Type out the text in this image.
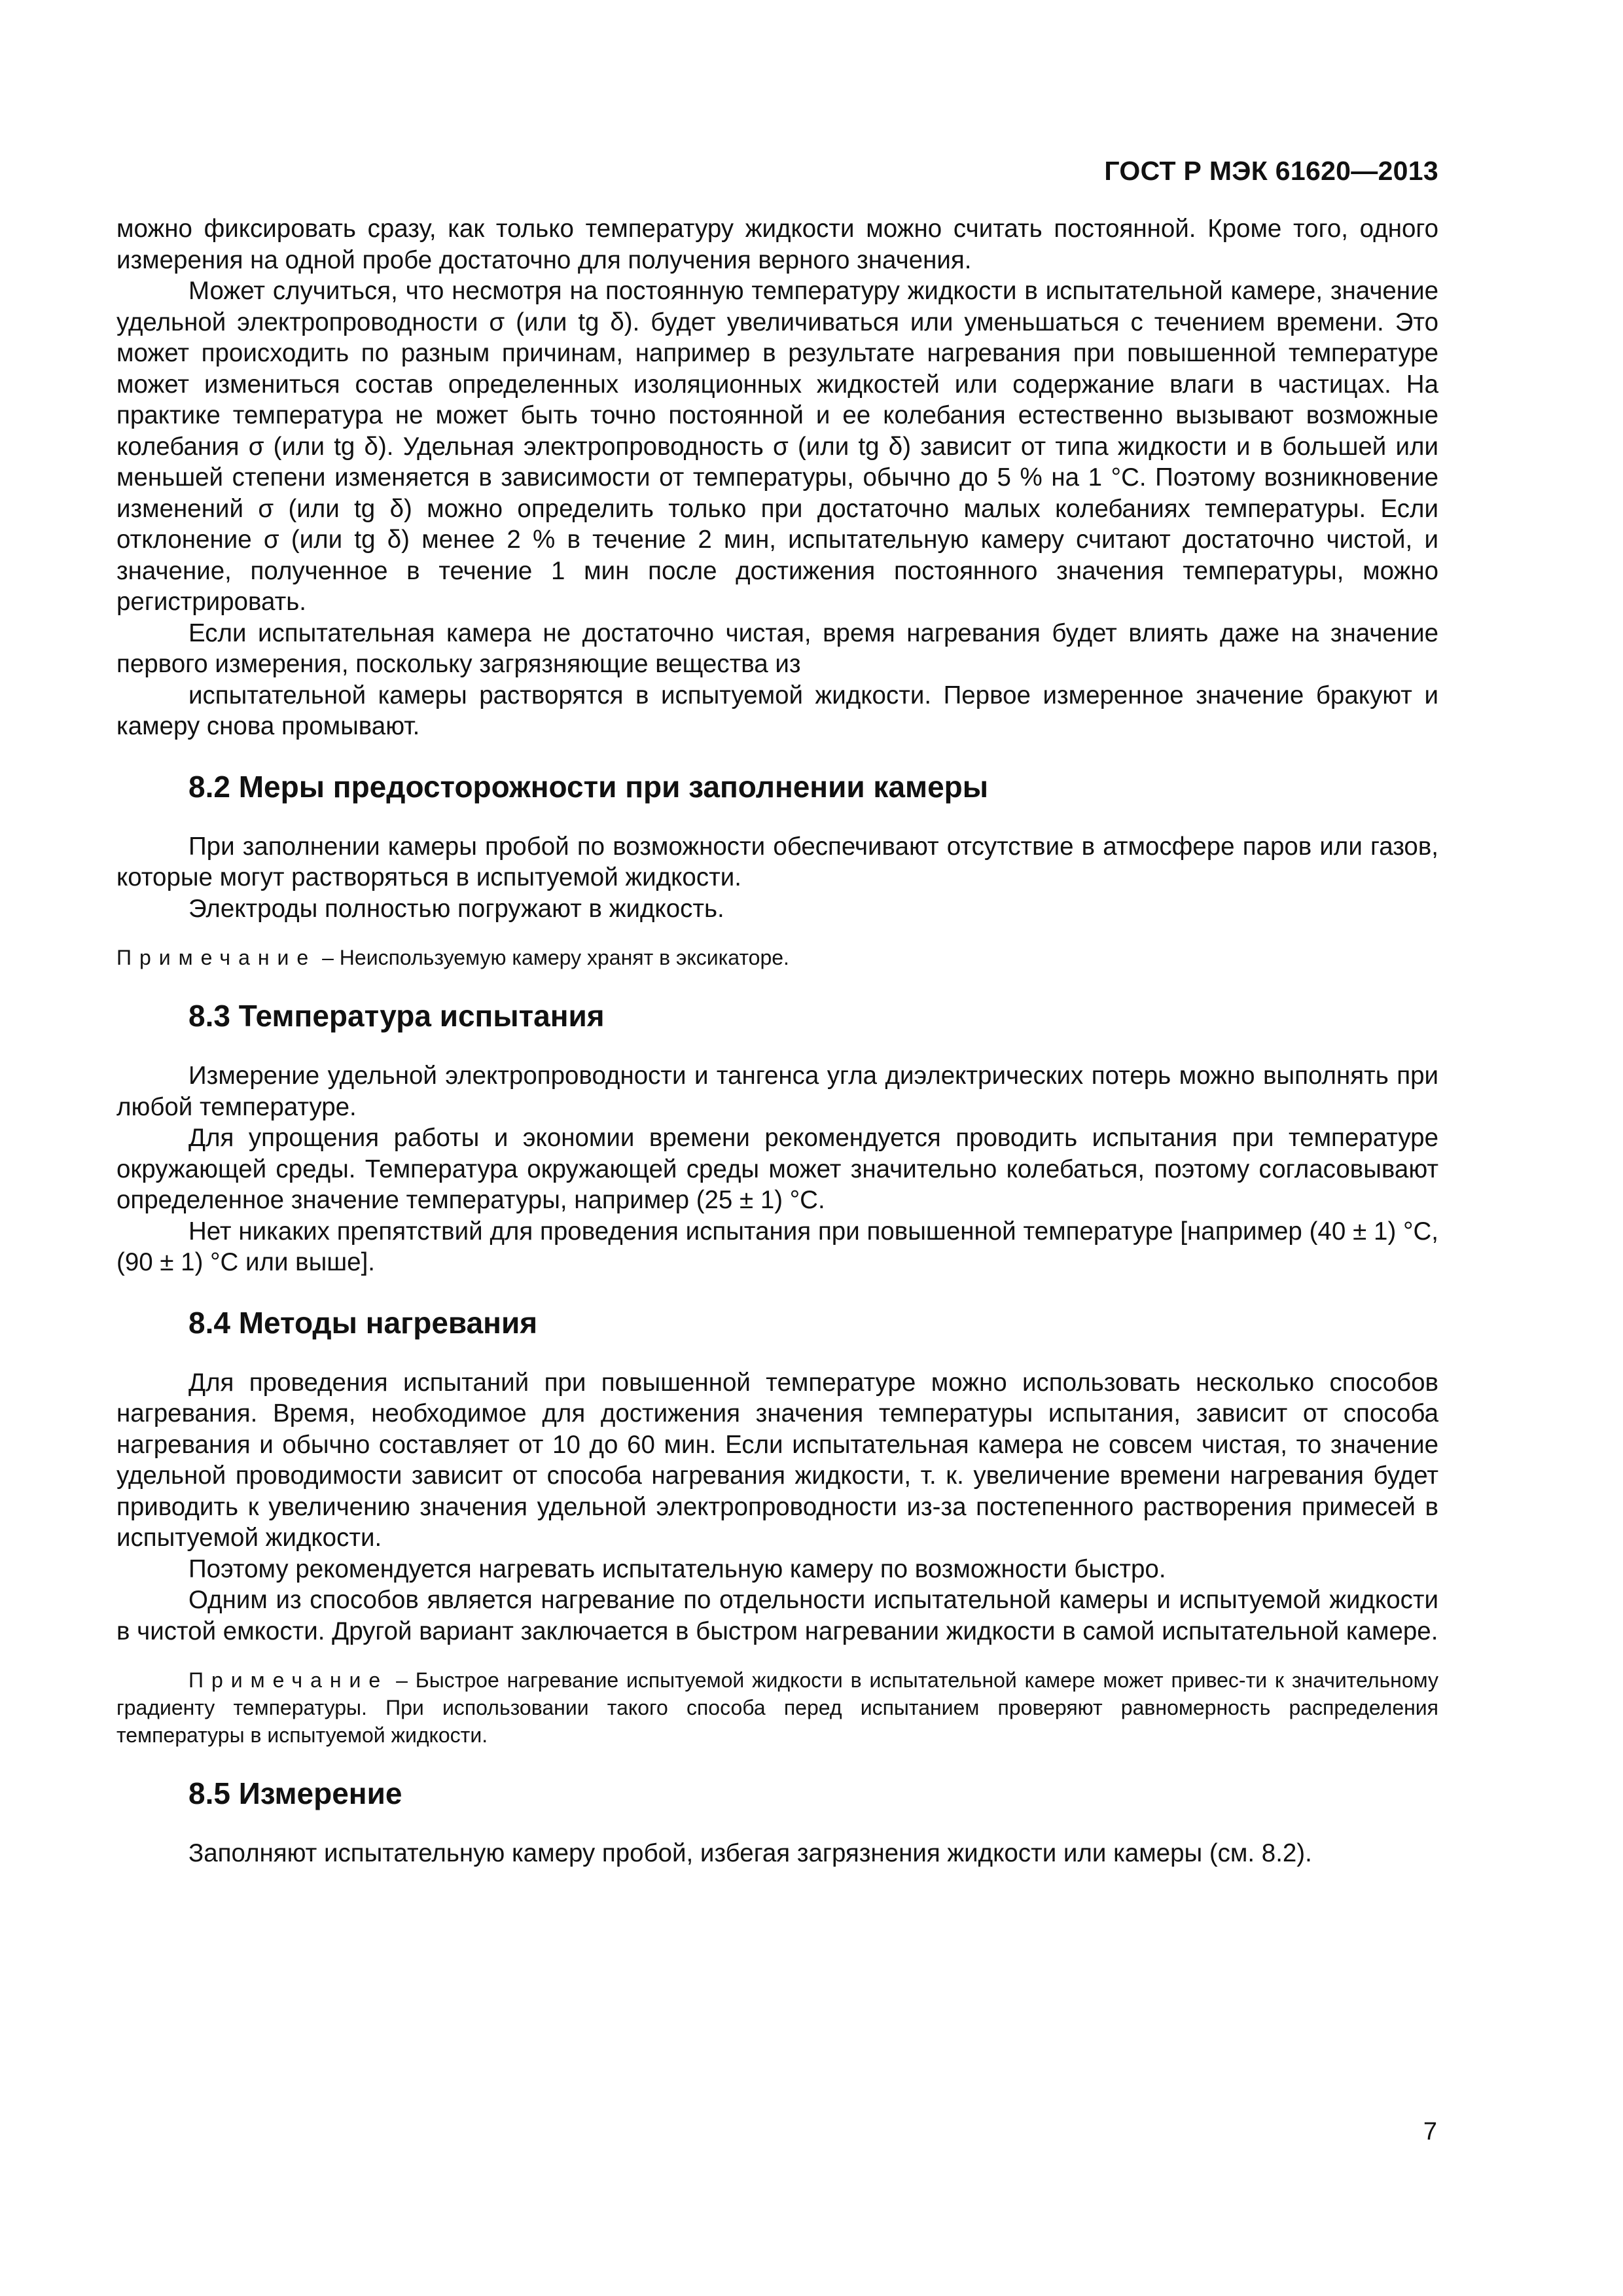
ГОСТ Р МЭК 61620—2013

можно фиксировать сразу, как только температуру жидкости можно считать постоянной. Кроме того, одного измерения на одной пробе достаточно для получения верного значения.

Может случиться, что несмотря на постоянную температуру жидкости в испытательной камере, значение удельной электропроводности σ (или tg δ). будет увеличиваться или уменьшаться с течением времени. Это может происходить по разным причинам, например в результате нагревания при повышенной температуре может измениться состав определенных изоляционных жидкостей или содержание влаги в частицах. На практике температура не может быть точно постоянной и ее колебания естественно вызывают возможные колебания σ (или tg δ). Удельная электропроводность σ (или tg δ) зависит от типа жидкости и в большей или меньшей степени изменяется в зависимости от температуры, обычно до 5 % на 1 °С. Поэтому возникновение изменений σ (или tg δ) можно определить только при достаточно малых колебаниях температуры. Если отклонение σ (или tg δ) менее 2 % в течение 2 мин, испытательную камеру считают достаточно чистой, и значение, полученное в течение 1 мин после достижения постоянного значения температуры, можно регистрировать.

Если испытательная камера не достаточно чистая, время нагревания будет влиять даже на значение первого измерения, поскольку загрязняющие вещества из

испытательной камеры растворятся в испытуемой жидкости. Первое измеренное значение бракуют и камеру снова промывают.

8.2 Меры предосторожности при заполнении камеры

При заполнении камеры пробой по возможности обеспечивают отсутствие в атмосфере паров или газов, которые могут растворяться в испытуемой жидкости.

Электроды полностью погружают в жидкость.

Примечание – Неиспользуемую камеру хранят в эксикаторе.

8.3 Температура испытания

Измерение удельной электропроводности и тангенса угла диэлектрических потерь можно выполнять при любой температуре.

Для упрощения работы и экономии времени рекомендуется проводить испытания при температуре окружающей среды. Температура окружающей среды может значительно колебаться, поэтому согласовывают определенное значение температуры, например (25 ± 1) °С.

Нет никаких препятствий для проведения испытания при повышенной температуре [например (40 ± 1) °С, (90 ± 1) °С или выше].

8.4 Методы нагревания

Для проведения испытаний при повышенной температуре можно использовать несколько способов нагревания. Время, необходимое для достижения значения температуры испытания, зависит от способа нагревания и обычно составляет от 10 до 60 мин. Если испытательная камера не совсем чистая, то значение удельной проводимости зависит от способа нагревания жидкости, т. к. увеличение времени нагревания будет приводить к увеличению значения удельной электропроводности из-за постепенного растворения примесей в испытуемой жидкости.

Поэтому рекомендуется нагревать испытательную камеру по возможности быстро.

Одним из способов является нагревание по отдельности испытательной камеры и испытуемой жидкости в чистой емкости. Другой вариант заключается в быстром нагревании жидкости в самой испытательной камере.

Примечание – Быстрое нагревание испытуемой жидкости в испытательной камере может привес-ти к значительному градиенту температуры. При использовании такого способа перед испытанием проверяют равномерность распределения температуры в испытуемой жидкости.

8.5 Измерение

Заполняют испытательную камеру пробой, избегая загрязнения жидкости или камеры (см. 8.2).

7
